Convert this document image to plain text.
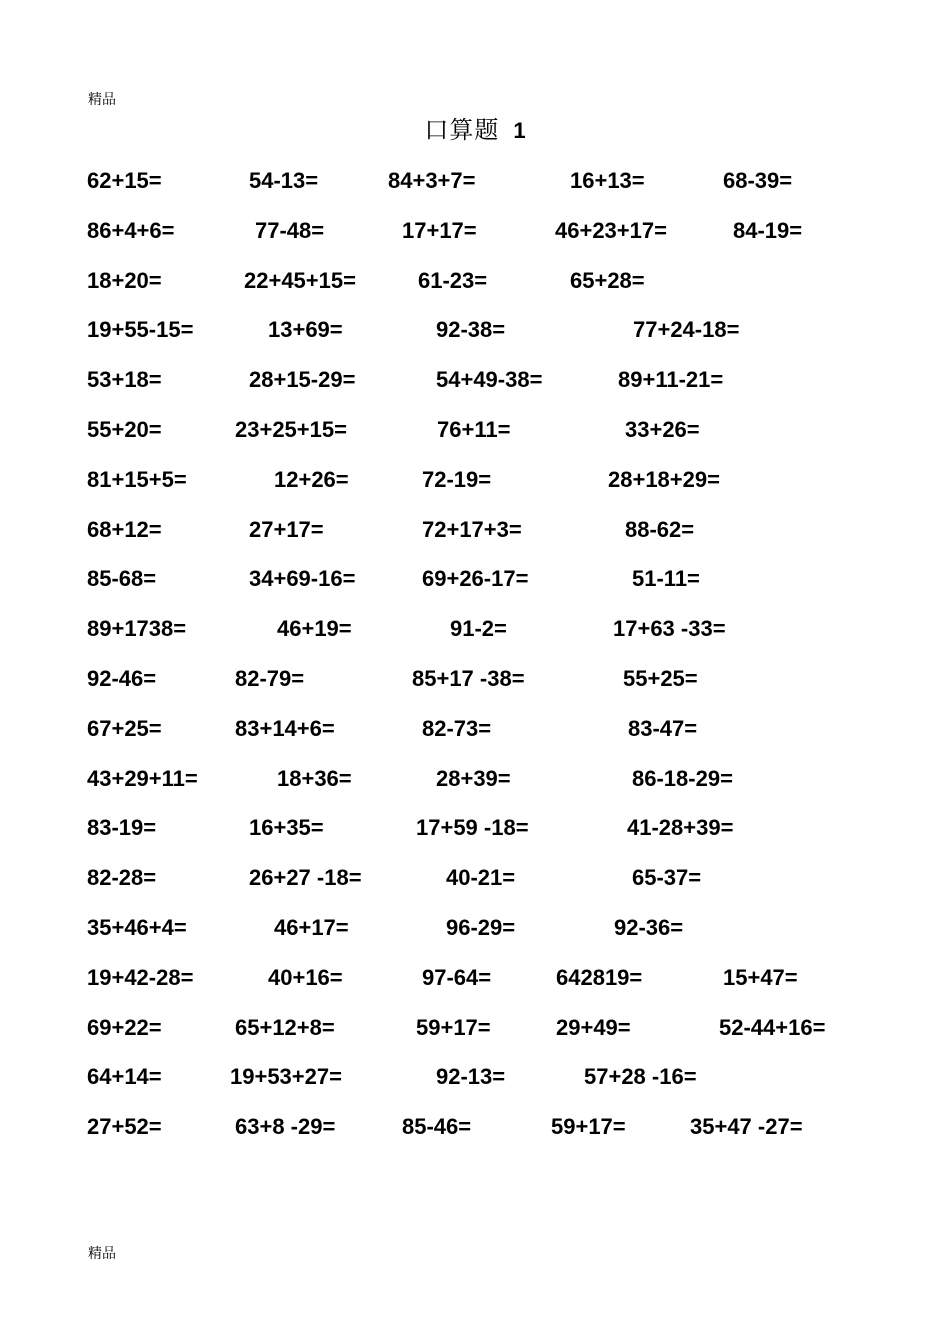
精品
口算题 1
62+15=	54-13=	84+3+7=	16+13=	68-39=
86+4+6=	77-48=	17+17=	46+23+17=	84-19=
18+20=	22+45+15=	61-23=	65+28=
19+55-15=	13+69=	92-38=	77+24-18=
53+18=	28+15-29=	54+49-38=	89+11-21=
55+20=	23+25+15=	76+11=	33+26=
81+15+5=	12+26=	72-19=	28+18+29=
68+12=	27+17=	72+17+3=	88-62=
85-68=	34+69-16=	69+26-17=	51-11=
89+1738=	46+19=	91-2=	17+63 -33=
92-46=	82-79=	85+17 -38=	55+25=
67+25=	83+14+6=	82-73=	83-47=
43+29+11=	18+36=	28+39=	86-18-29=
83-19=	16+35=	17+59 -18=	41-28+39=
82-28=	26+27 -18=	40-21=	65-37=
35+46+4=	46+17=	96-29=	92-36=
19+42-28=	40+16=	97-64=	642819=	15+47=
69+22=	65+12+8=	59+17=	29+49=	52-44+16=
64+14=	19+53+27=	92-13=	57+28 -16=
27+52=	63+8 -29=	85-46=	59+17=	35+47 -27=
精品
